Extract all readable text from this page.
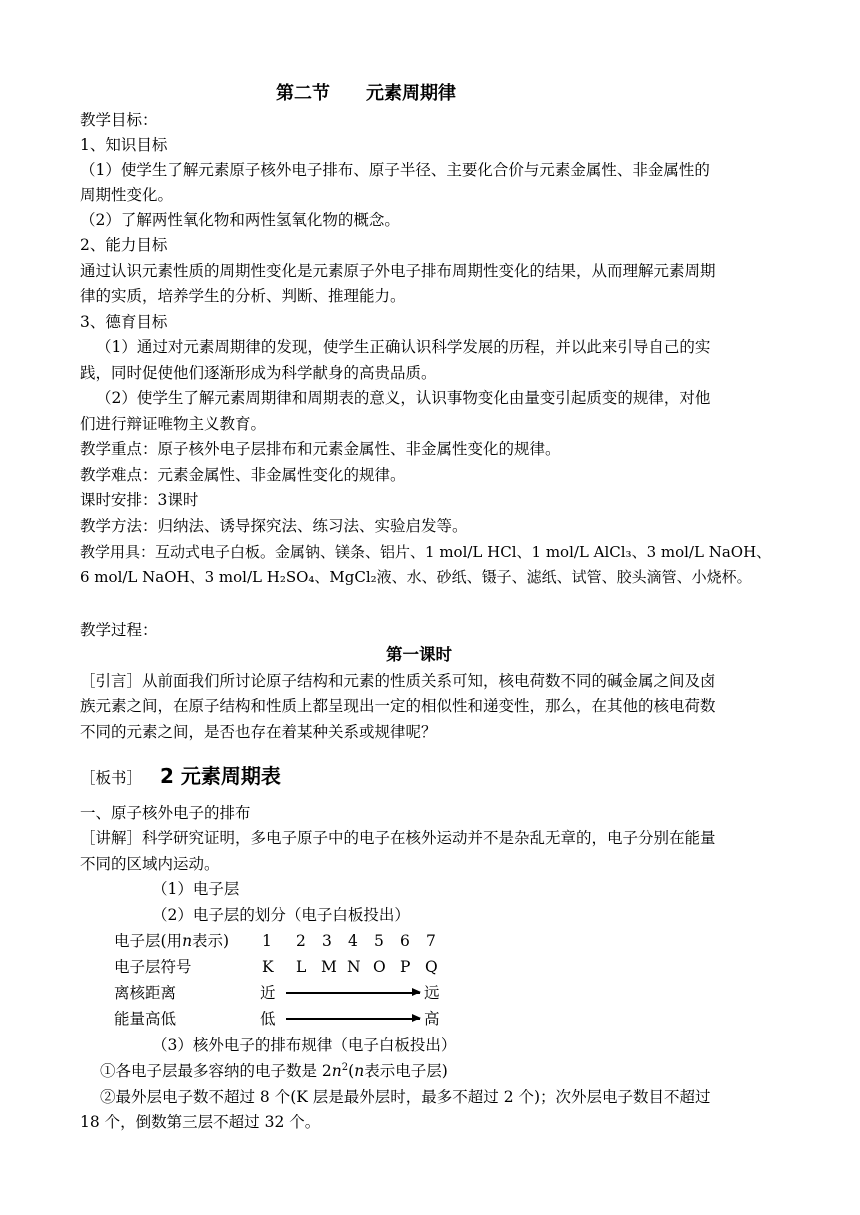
第二节　　元素周期律
教学目标：
1、知识目标
（1）使学生了解元素原子核外电子排布、原子半径、主要化合价与元素金属性、非金属性的
周期性变化。
（2）了解两性氧化物和两性氢氧化物的概念。
2、能力目标
通过认识元素性质的周期性变化是元素原子外电子排布周期性变化的结果，从而理解元素周期
律的实质，培养学生的分析、判断、推理能力。
3、德育目标
（1）通过对元素周期律的发现，使学生正确认识科学发展的历程，并以此来引导自己的实
践，同时促使他们逐渐形成为科学献身的高贵品质。
（2）使学生了解元素周期律和周期表的意义，认识事物变化由量变引起质变的规律，对他
们进行辩证唯物主义教育。
教学重点：原子核外电子层排布和元素金属性、非金属性变化的规律。
教学难点：元素金属性、非金属性变化的规律。
课时安排：3课时
教学方法：归纳法、诱导探究法、练习法、实验启发等。
教学用具：互动式电子白板。金属钠、镁条、铝片、1 mol/L HCl、1 mol/L AlCl₃、3 mol/L NaOH、
6 mol/L NaOH、3 mol/L H₂SO₄、MgCl₂液、水、砂纸、镊子、滤纸、试管、胶头滴管、小烧杯。
教学过程：
第一课时
［引言］从前面我们所讨论原子结构和元素的性质关系可知，核电荷数不同的碱金属之间及卤
族元素之间，在原子结构和性质上都呈现出一定的相似性和递变性，那么，在其他的核电荷数
不同的元素之间，是否也存在着某种关系或规律呢？
［板书］ 2 元素周期表
一、原子核外电子的排布
［讲解］科学研究证明，多电子原子中的电子在核外运动并不是杂乱无章的，电子分别在能量
不同的区域内运动。
（1）电子层
（2）电子层的划分（电子白板投出）
电子层(用n表示) 1 2 3 4 5 6 7
电子层符号	K L M N O P Q
离核距离	近	远
能量高低	低	高
（3）核外电子的排布规律（电子白板投出）
①各电子层最多容纳的电子数是 $2n^2(n$表示电子层)
②最外层电子数不超过 8 个(K 层是最外层时，最多不超过 2 个)；次外层电子数目不超过
18 个，倒数第三层不超过 32 个。
